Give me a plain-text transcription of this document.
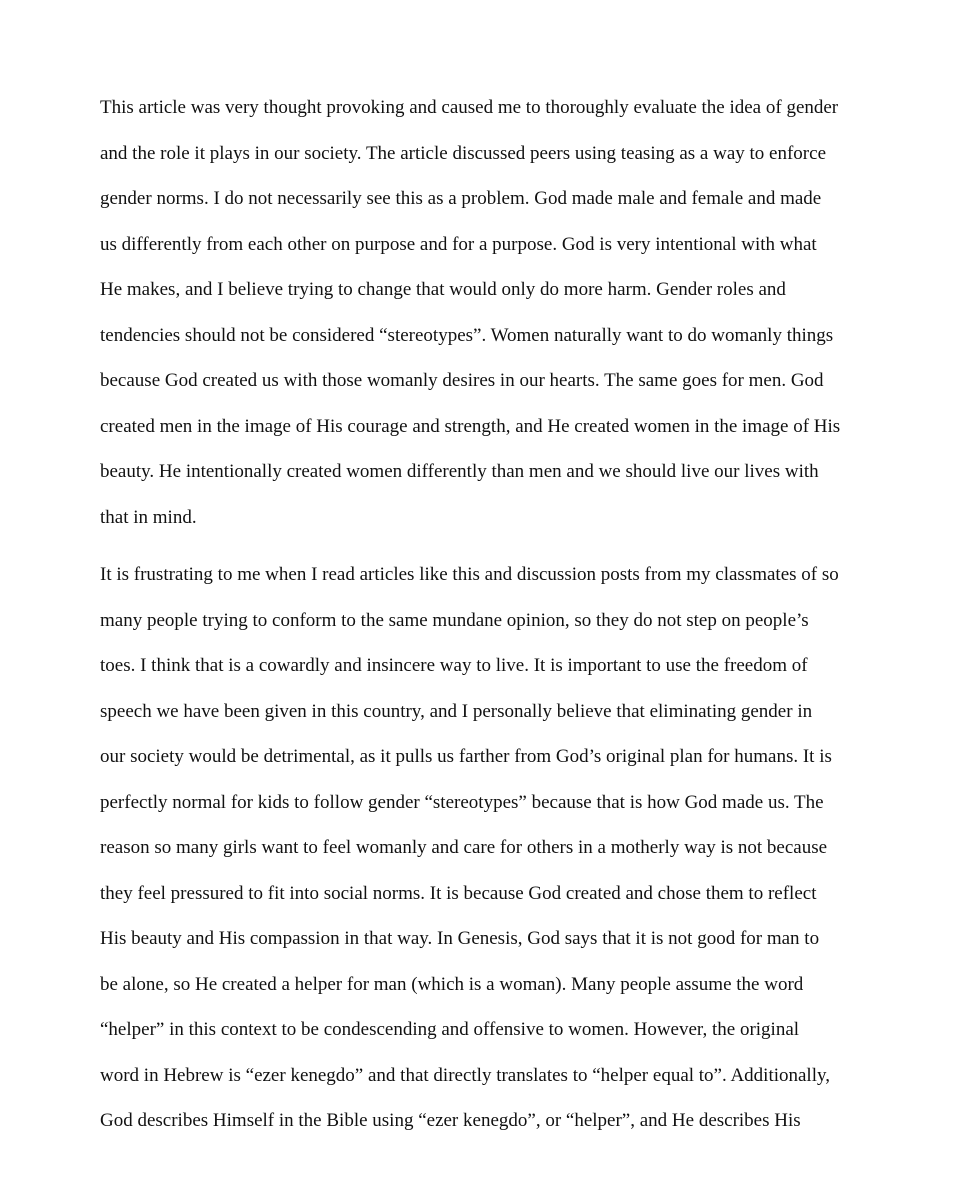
This article was very thought provoking and caused me to thoroughly evaluate the idea of gender
and the role it plays in our society. The article discussed peers using teasing as a way to enforce
gender norms. I do not necessarily see this as a problem. God made male and female and made
us differently from each other on purpose and for a purpose. God is very intentional with what
He makes, and I believe trying to change that would only do more harm. Gender roles and
tendencies should not be considered “stereotypes”. Women naturally want to do womanly things
because God created us with those womanly desires in our hearts. The same goes for men. God
created men in the image of His courage and strength, and He created women in the image of His
beauty. He intentionally created women differently than men and we should live our lives with
that in mind.
It is frustrating to me when I read articles like this and discussion posts from my classmates of so
many people trying to conform to the same mundane opinion, so they do not step on people’s
toes. I think that is a cowardly and insincere way to live. It is important to use the freedom of
speech we have been given in this country, and I personally believe that eliminating gender in
our society would be detrimental, as it pulls us farther from God’s original plan for humans. It is
perfectly normal for kids to follow gender “stereotypes” because that is how God made us. The
reason so many girls want to feel womanly and care for others in a motherly way is not because
they feel pressured to fit into social norms. It is because God created and chose them to reflect
His beauty and His compassion in that way. In Genesis, God says that it is not good for man to
be alone, so He created a helper for man (which is a woman). Many people assume the word
“helper” in this context to be condescending and offensive to women. However, the original
word in Hebrew is “ezer kenegdo” and that directly translates to “helper equal to”. Additionally,
God describes Himself in the Bible using “ezer kenegdo”, or “helper”, and He describes His
